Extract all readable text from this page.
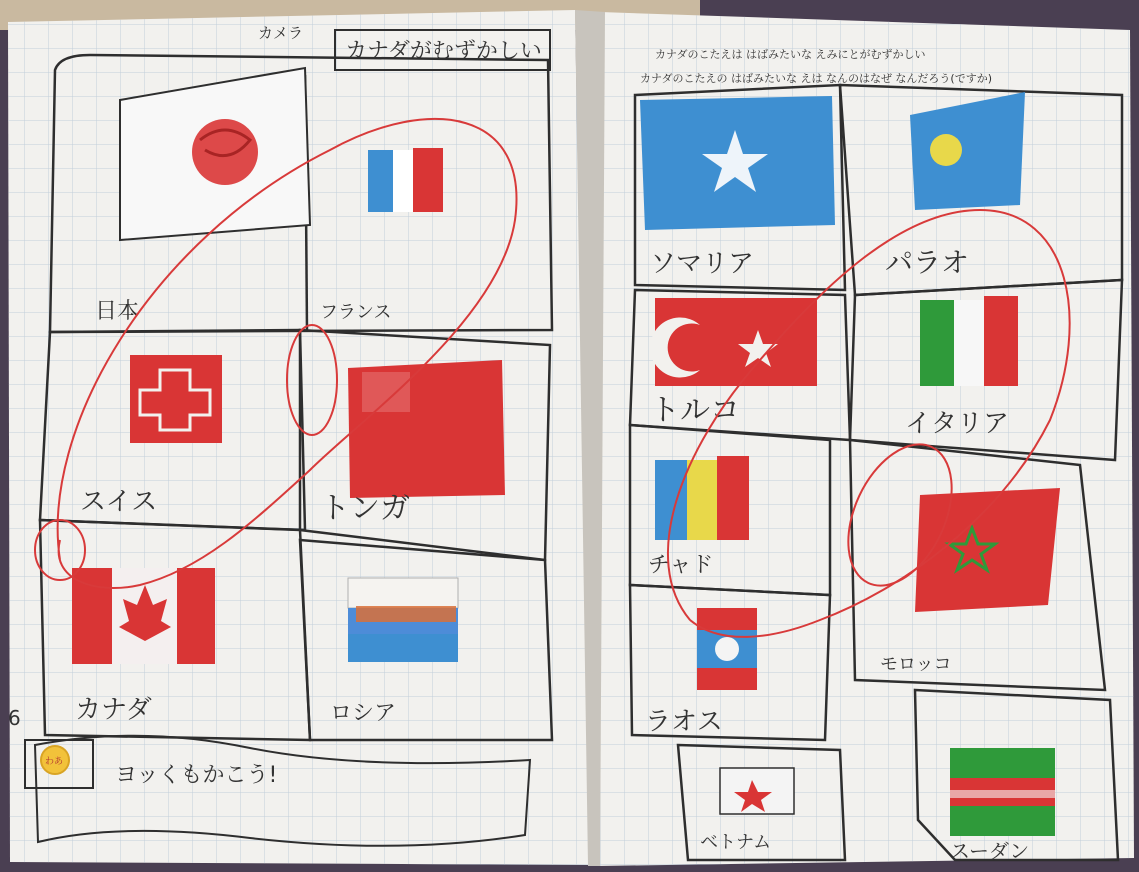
カメラ
カナダがむずかしい
日本	フランス
スイス	トンガ
カナダ	ロシア
6
わあ
ヨッくもかこう!
カナダのこたえは はばみたいな えみにとがむずかしい
カナダのこたえの はばみたいな えは なんのはなぜ なんだろう(ですか)
ソマリア	パラオ
トルコ	イタリア
チャド
モロッコ
ラオス
ベトナム	スーダン
